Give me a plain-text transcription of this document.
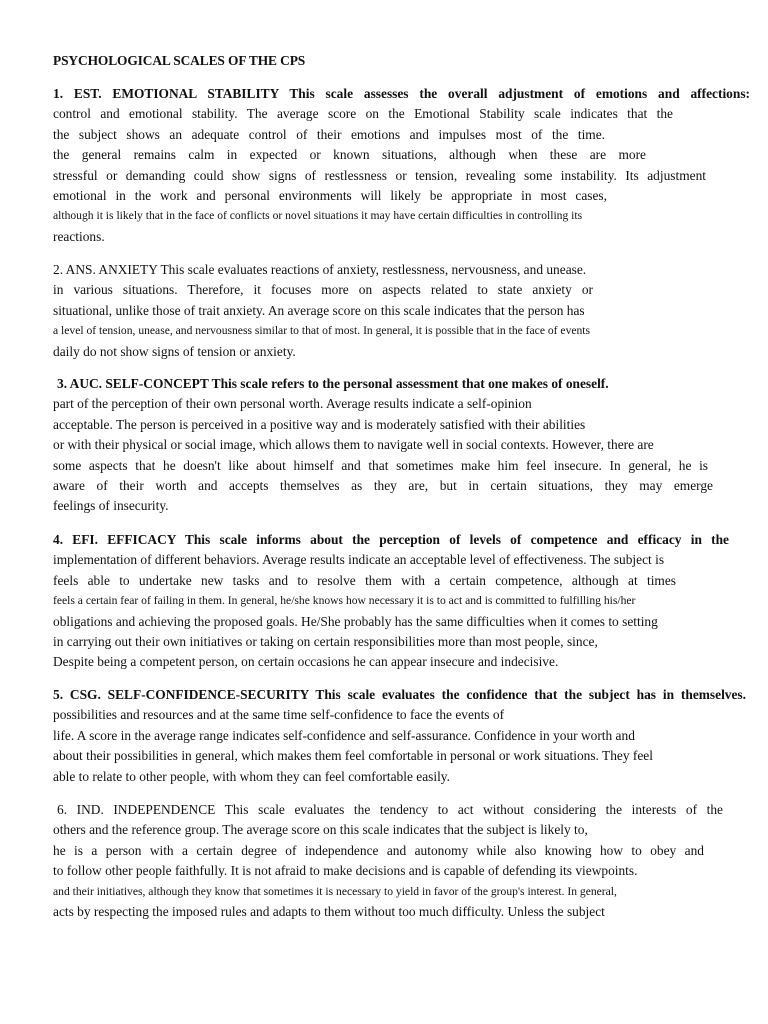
PSYCHOLOGICAL SCALES OF THE CPS
1. EST. EMOTIONAL STABILITY This scale assesses the overall adjustment of emotions and affections:
control and emotional stability. The average score on the Emotional Stability scale indicates that the
the subject shows an adequate control of their emotions and impulses most of the time.
the general remains calm in expected or known situations, although when these are more
stressful or demanding could show signs of restlessness or tension, revealing some instability. Its adjustment
emotional in the work and personal environments will likely be appropriate in most cases,
although it is likely that in the face of conflicts or novel situations it may have certain difficulties in controlling its
reactions.
2. ANS. ANXIETY This scale evaluates reactions of anxiety, restlessness, nervousness, and unease.
in various situations. Therefore, it focuses more on aspects related to state anxiety or
situational, unlike those of trait anxiety. An average score on this scale indicates that the person has
a level of tension, unease, and nervousness similar to that of most. In general, it is possible that in the face of events
daily do not show signs of tension or anxiety.
3. AUC. SELF-CONCEPT This scale refers to the personal assessment that one makes of oneself.
part of the perception of their own personal worth. Average results indicate a self-opinion
acceptable. The person is perceived in a positive way and is moderately satisfied with their abilities
or with their physical or social image, which allows them to navigate well in social contexts. However, there are
some aspects that he doesn't like about himself and that sometimes make him feel insecure. In general, he is
aware of their worth and accepts themselves as they are, but in certain situations, they may emerge
feelings of insecurity.
4. EFI. EFFICACY This scale informs about the perception of levels of competence and efficacy in the
implementation of different behaviors. Average results indicate an acceptable level of effectiveness. The subject is
feels able to undertake new tasks and to resolve them with a certain competence, although at times
feels a certain fear of failing in them. In general, he/she knows how necessary it is to act and is committed to fulfilling his/her
obligations and achieving the proposed goals. He/She probably has the same difficulties when it comes to setting
in carrying out their own initiatives or taking on certain responsibilities more than most people, since,
Despite being a competent person, on certain occasions he can appear insecure and indecisive.
5. CSG. SELF-CONFIDENCE-SECURITY This scale evaluates the confidence that the subject has in themselves.
possibilities and resources and at the same time self-confidence to face the events of
life. A score in the average range indicates self-confidence and self-assurance. Confidence in your worth and
about their possibilities in general, which makes them feel comfortable in personal or work situations. They feel
able to relate to other people, with whom they can feel comfortable easily.
6. IND. INDEPENDENCE This scale evaluates the tendency to act without considering the interests of the
others and the reference group. The average score on this scale indicates that the subject is likely to,
he is a person with a certain degree of independence and autonomy while also knowing how to obey and
to follow other people faithfully. It is not afraid to make decisions and is capable of defending its viewpoints.
and their initiatives, although they know that sometimes it is necessary to yield in favor of the group's interest. In general,
acts by respecting the imposed rules and adapts to them without too much difficulty. Unless the subject
